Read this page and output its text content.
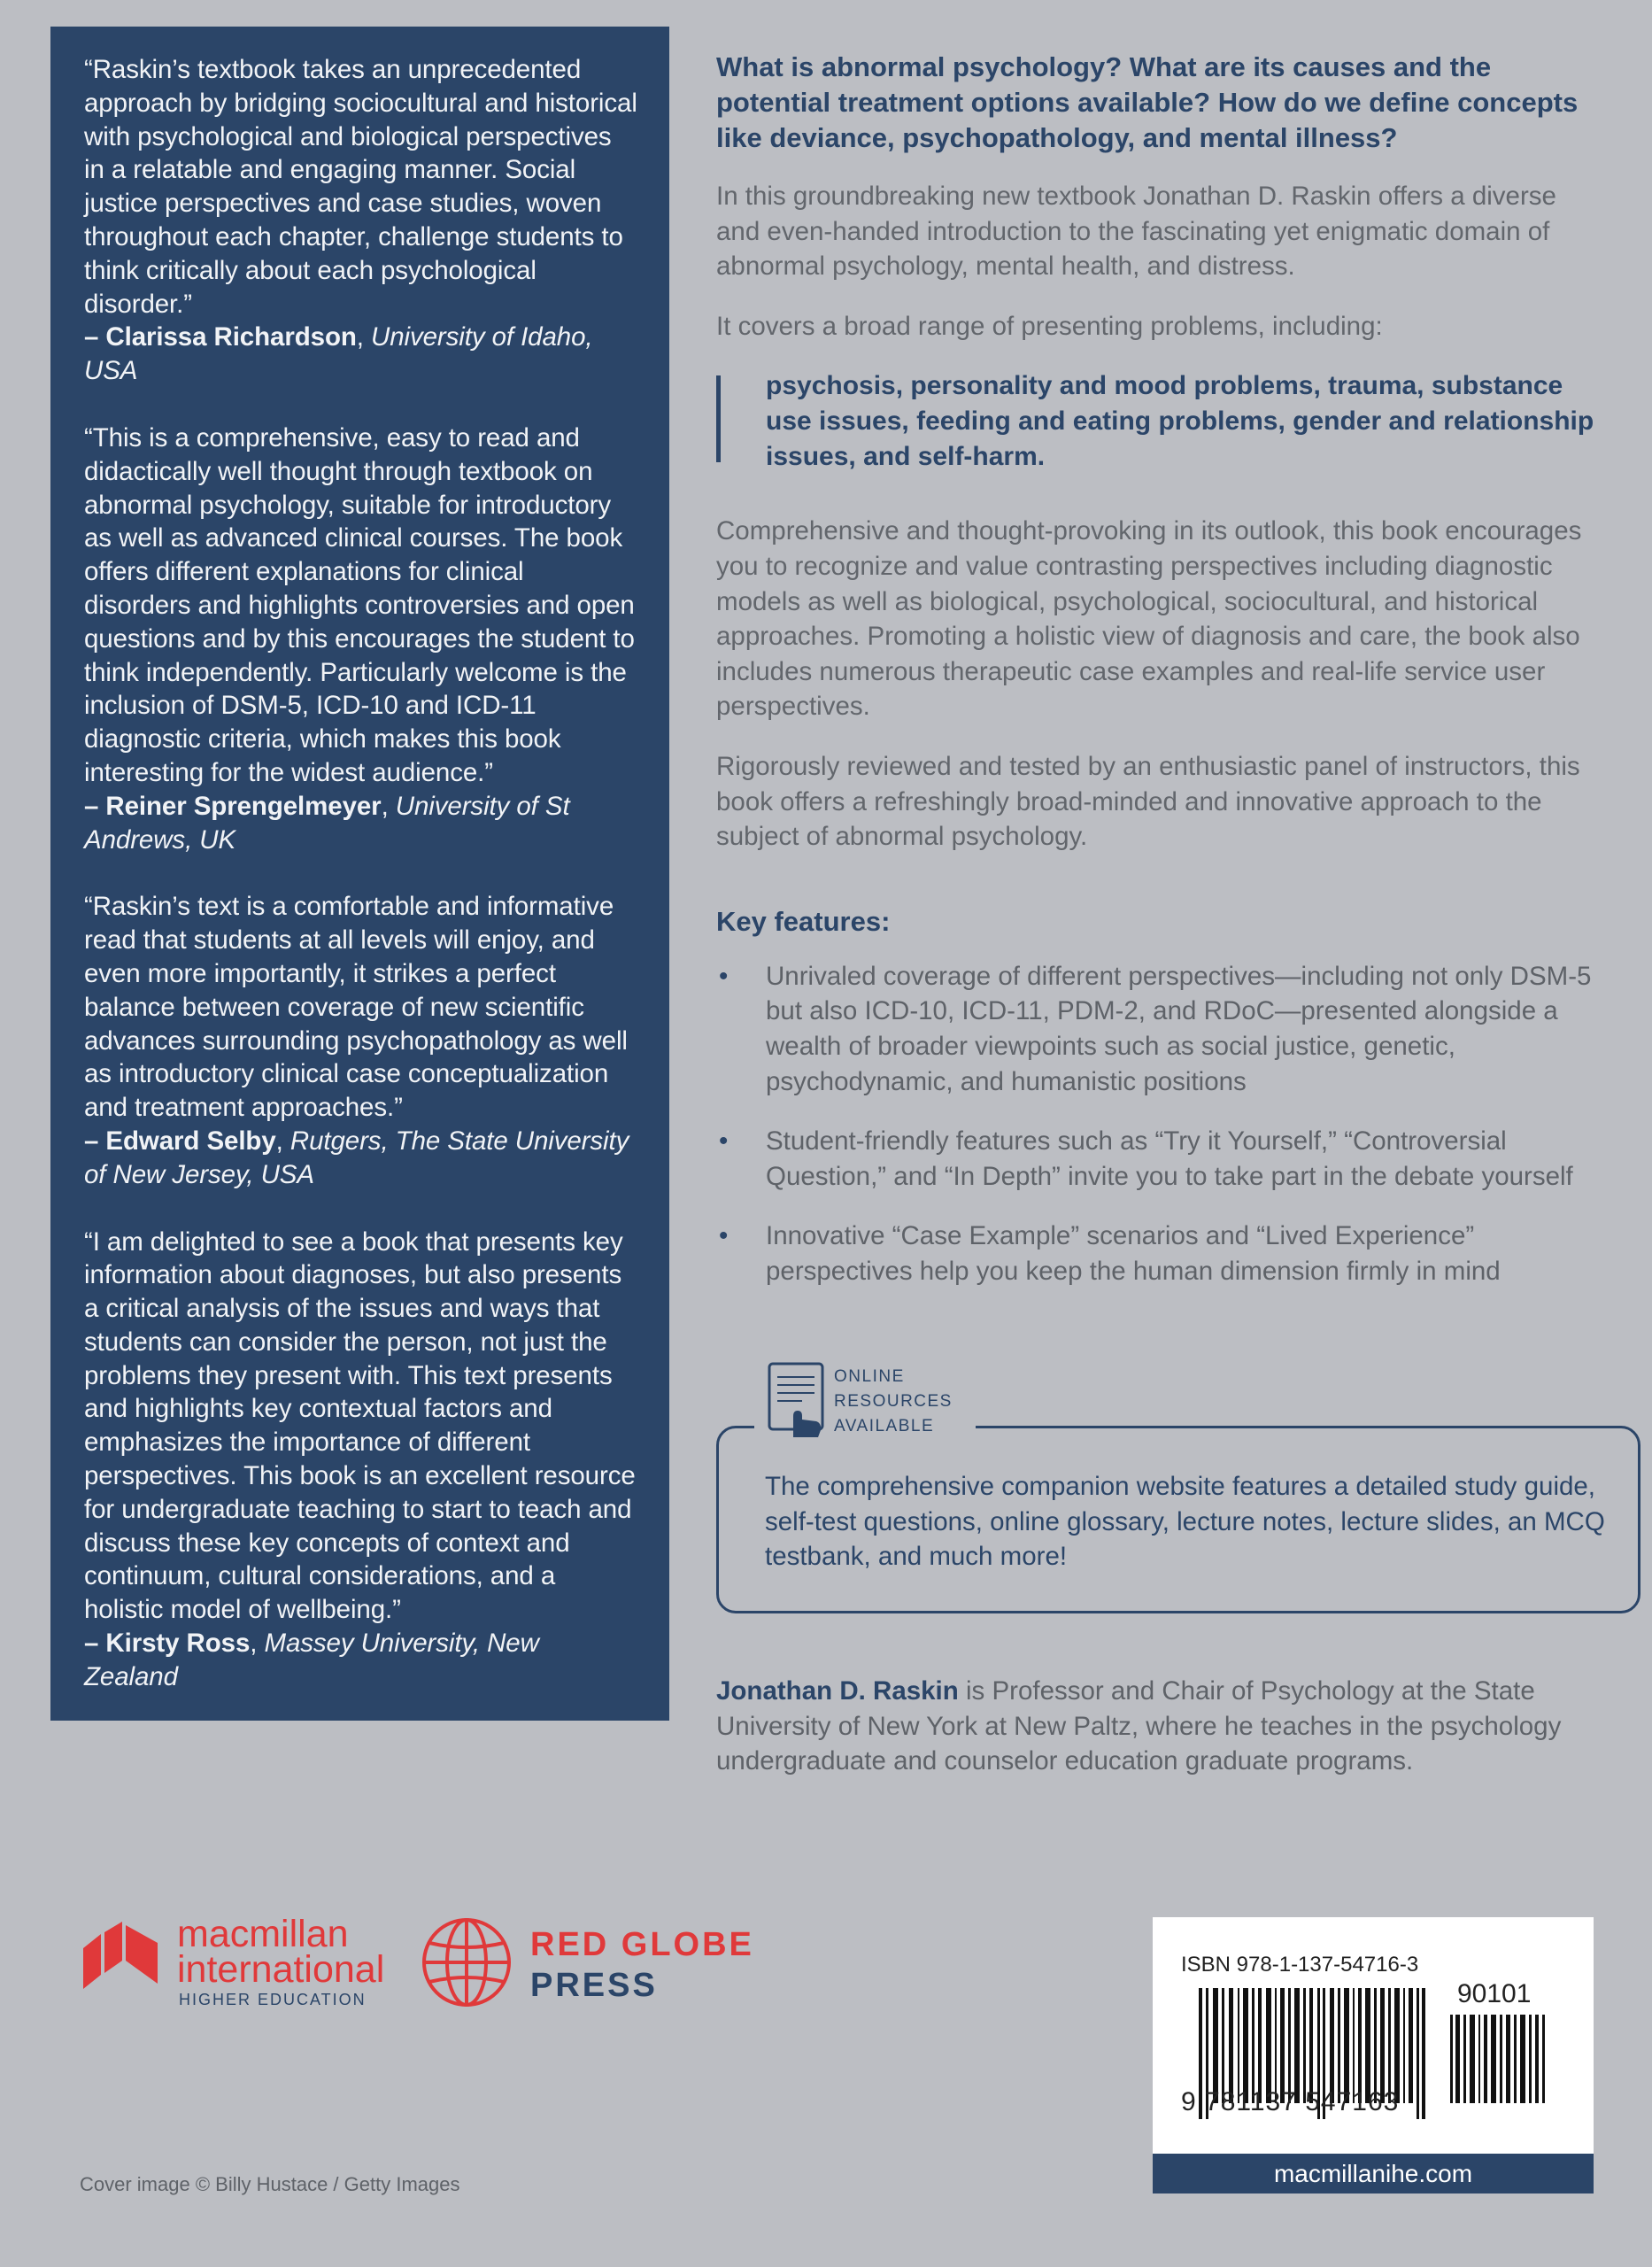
“Raskin’s textbook takes an unprecedented approach by bridging sociocultural and historical with psychological and biological perspectives in a relatable and engaging manner. Social justice perspectives and case studies, woven throughout each chapter, challenge students to think critically about each psychological disorder.”

– Clarissa Richardson, University of Idaho, USA

“This is a comprehensive, easy to read and didactically well thought through textbook on abnormal psychology, suitable for introductory as well as advanced clinical courses. The book offers different explanations for clinical disorders and highlights controversies and open questions and by this encourages the student to think independently. Particularly welcome is the inclusion of DSM-5, ICD-10 and ICD-11 diagnostic criteria, which makes this book interesting for the widest audience.”

– Reiner Sprengelmeyer, University of St Andrews, UK

“Raskin’s text is a comfortable and informative read that students at all levels will enjoy, and even more importantly, it strikes a perfect balance between coverage of new scientific advances surrounding psychopathology as well as introductory clinical case conceptualization and treatment approaches.”

– Edward Selby, Rutgers, The State University of New Jersey, USA

“I am delighted to see a book that presents key information about diagnoses, but also presents a critical analysis of the issues and ways that students can consider the person, not just the problems they present with. This text presents and highlights key contextual factors and emphasizes the importance of different perspectives. This book is an excellent resource for undergraduate teaching to start to teach and discuss these key concepts of context and continuum, cultural considerations, and a holistic model of wellbeing.”

– Kirsty Ross, Massey University, New Zealand

What is abnormal psychology? What are its causes and the potential treatment options available? How do we define concepts like deviance, psychopathology, and mental illness?

In this groundbreaking new textbook Jonathan D. Raskin offers a diverse and even-handed introduction to the fascinating yet enigmatic domain of abnormal psychology, mental health, and distress.

It covers a broad range of presenting problems, including:

psychosis, personality and mood problems, trauma, substance use issues, feeding and eating problems, gender and relationship issues, and self-harm.

Comprehensive and thought-provoking in its outlook, this book encourages you to recognize and value contrasting perspectives including diagnostic models as well as biological, psychological, sociocultural, and historical approaches. Promoting a holistic view of diagnosis and care, the book also includes numerous therapeutic case examples and real-life service user perspectives.

Rigorously reviewed and tested by an enthusiastic panel of instructors, this book offers a refreshingly broad-minded and innovative approach to the subject of abnormal psychology.

Key features:
• Unrivaled coverage of different perspectives—including not only DSM-5 but also ICD-10, ICD-11, PDM-2, and RDoC—presented alongside a wealth of broader viewpoints such as social justice, genetic, psychodynamic, and humanistic positions
• Student-friendly features such as “Try it Yourself,” “Controversial Question,” and “In Depth” invite you to take part in the debate yourself
• Innovative “Case Example” scenarios and “Lived Experience” perspectives help you keep the human dimension firmly in mind
ONLINE
RESOURCES
AVAILABLE

The comprehensive companion website features a detailed study guide, self-test questions, online glossary, lecture notes, lecture slides, an MCQ testbank, and much more!

Jonathan D. Raskin is Professor and Chair of Psychology at the State University of New York at New Paltz, where he teaches in the psychology undergraduate and counselor education graduate programs.

macmillan
international
HIGHER EDUCATION
RED GLOBE
PRESS
ISBN 978-1-137-54716-3
90101
9 781137 547163
macmillanihe.com
Cover image © Billy Hustace / Getty Images
